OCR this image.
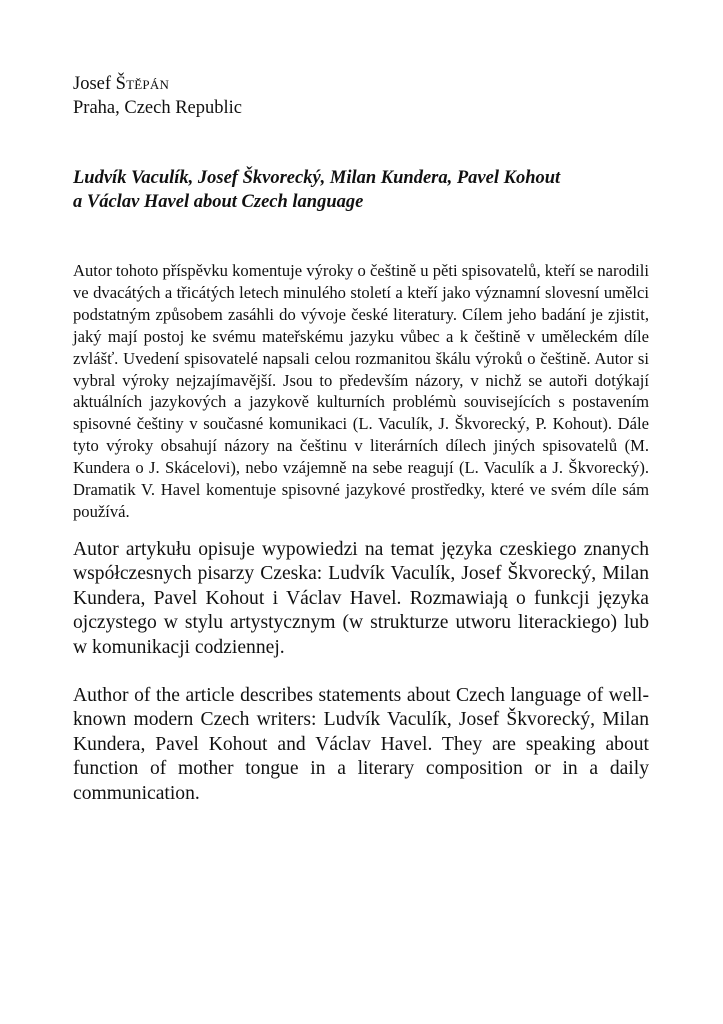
Josef Štěpán
Praha, Czech Republic
Ludvík Vaculík, Josef Škvorecký, Milan Kundera, Pavel Kohout
a Václav Havel about Czech language

Autor tohoto příspěvku komentuje výroky o češtině u pěti spisovatelů, kteří se narodili ve dvacátých a třicátých letech minulého století a kteří jako významní slovesní umělci podstatným způsobem zasáhli do vývoje české literatury. Cílem jeho badání je zjistit, jaký mají postoj ke svému mateřskému jazyku vůbec a k češtině v uměleckém díle zvlášť. Uvedení spisovatelé napsali celou rozmanitou škálu výroků o češtině. Autor si vybral výroky nejzajímavější. Jsou to především názory, v nichž se autoři dotýkají aktuálních jazykových a jazykově kulturních problémù souvisejících s postavením spisovné češtiny v současné komunikaci (L. Vaculík, J. Škvorecký, P. Kohout). Dále tyto výroky obsahují názory na češtinu v literárních dílech jiných spisovatelů (M. Kundera o J. Skácelovi), nebo vzájemně na sebe reagují (L. Vaculík a J. Škvorecký). Dramatik V. Havel komentuje spisovné jazykové prostředky, které ve svém díle sám používá.

Autor artykułu opisuje wypowiedzi na temat języka czeskiego znanych współczesnych pisarzy Czeska: Ludvík Vaculík, Josef Škvorecký, Milan Kundera, Pavel Kohout i Václav Havel. Rozmawiają o funkcji języka ojczystego w stylu artystycznym (w strukturze utworu literackiego) lub w komunikacji codziennej.

Author of the article describes statements about Czech language of well-known modern Czech writers: Ludvík Vaculík, Josef Škvorecký, Milan Kundera, Pavel Kohout and Václav Havel. They are speaking about function of mother tongue in a literary composition or in a daily communication.
